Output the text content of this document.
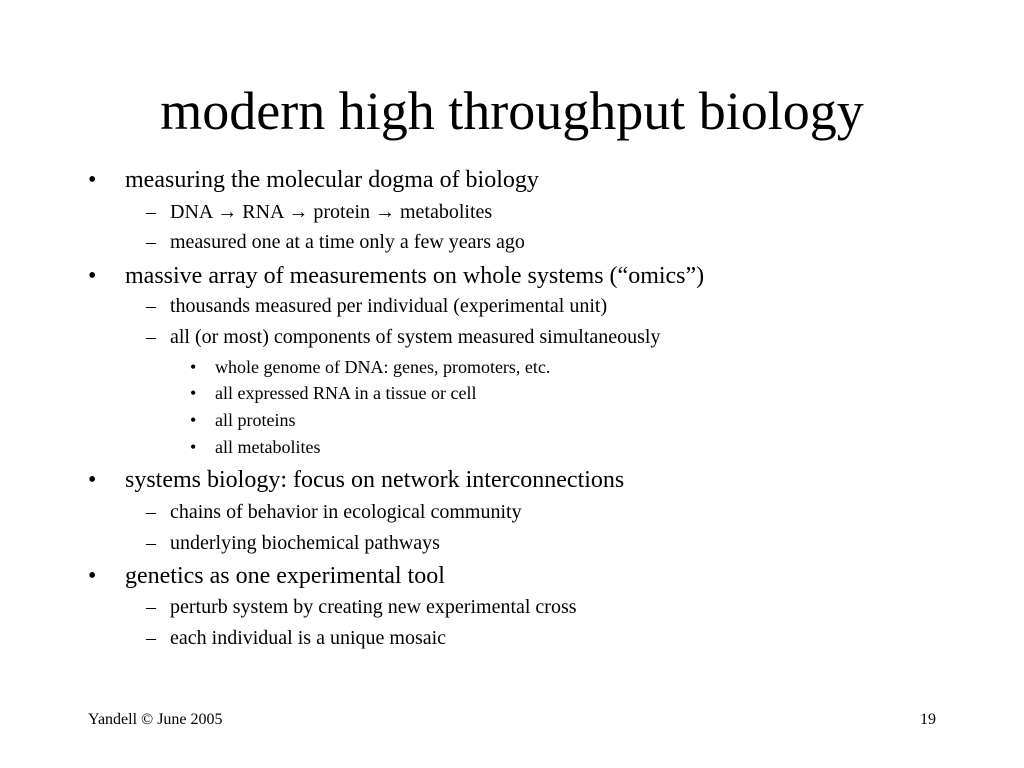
modern high throughput biology
• measuring the molecular dogma of biology
– DNA → RNA → protein → metabolites
– measured one at a time only a few years ago
• massive array of measurements on whole systems (“omics”)
– thousands measured per individual (experimental unit)
– all (or most) components of system measured simultaneously
• whole genome of DNA: genes, promoters, etc.
• all expressed RNA in a tissue or cell
• all proteins
• all metabolites
• systems biology: focus on network interconnections
– chains of behavior in ecological community
– underlying biochemical pathways
• genetics as one experimental tool
– perturb system by creating new experimental cross
– each individual is a unique mosaic
Yandell © June 2005	19
